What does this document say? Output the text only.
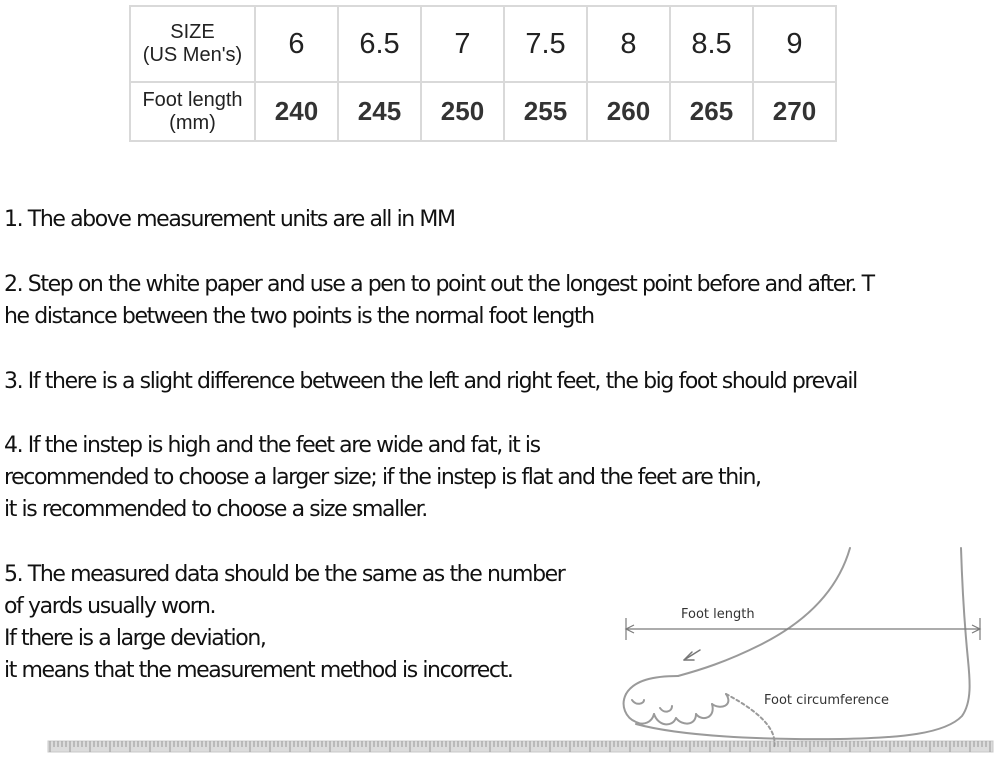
SIZE
(US Men's)	6	6.5	7	7.5	8	8.5	9

Foot length
(mm)	240	245	250	255	260	265	270

1. The above measurement units are all in MM

2. Step on the white paper and use a pen to point out the longest point before and after. T
he distance between the two points is the normal foot length

3. If there is a slight difference between the left and right feet, the big foot should prevail

4. If the instep is high and the feet are wide and fat, it is
recommended to choose a larger size; if the instep is flat and the feet are thin,
it is recommended to choose a size smaller.

5. The measured data should be the same as the number
of yards usually worn.
If there is a large deviation,
it means that the measurement method is incorrect.

Foot length
Foot circumference
